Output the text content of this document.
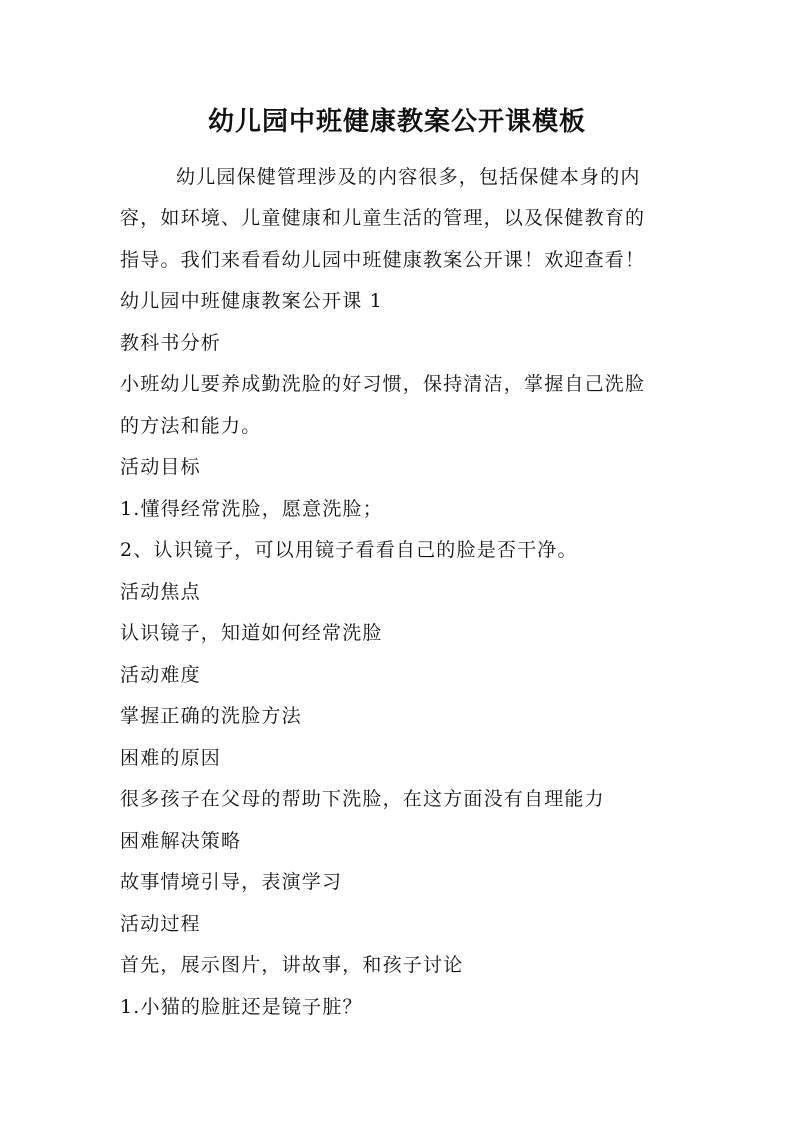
幼儿园中班健康教案公开课模板

幼儿园保健管理涉及的内容很多，包括保健本身的内

容，如环境、儿童健康和儿童生活的管理，以及保健教育的

指导。我们来看看幼儿园中班健康教案公开课！欢迎查看！

幼儿园中班健康教案公开课 1

教科书分析

小班幼儿要养成勤洗脸的好习惯，保持清洁，掌握自己洗脸

的方法和能力。

活动目标

1.懂得经常洗脸，愿意洗脸；

2、认识镜子，可以用镜子看看自己的脸是否干净。

活动焦点

认识镜子，知道如何经常洗脸

活动难度

掌握正确的洗脸方法

困难的原因

很多孩子在父母的帮助下洗脸，在这方面没有自理能力

困难解决策略

故事情境引导，表演学习

活动过程

首先，展示图片，讲故事，和孩子讨论

1.小猫的脸脏还是镜子脏？
